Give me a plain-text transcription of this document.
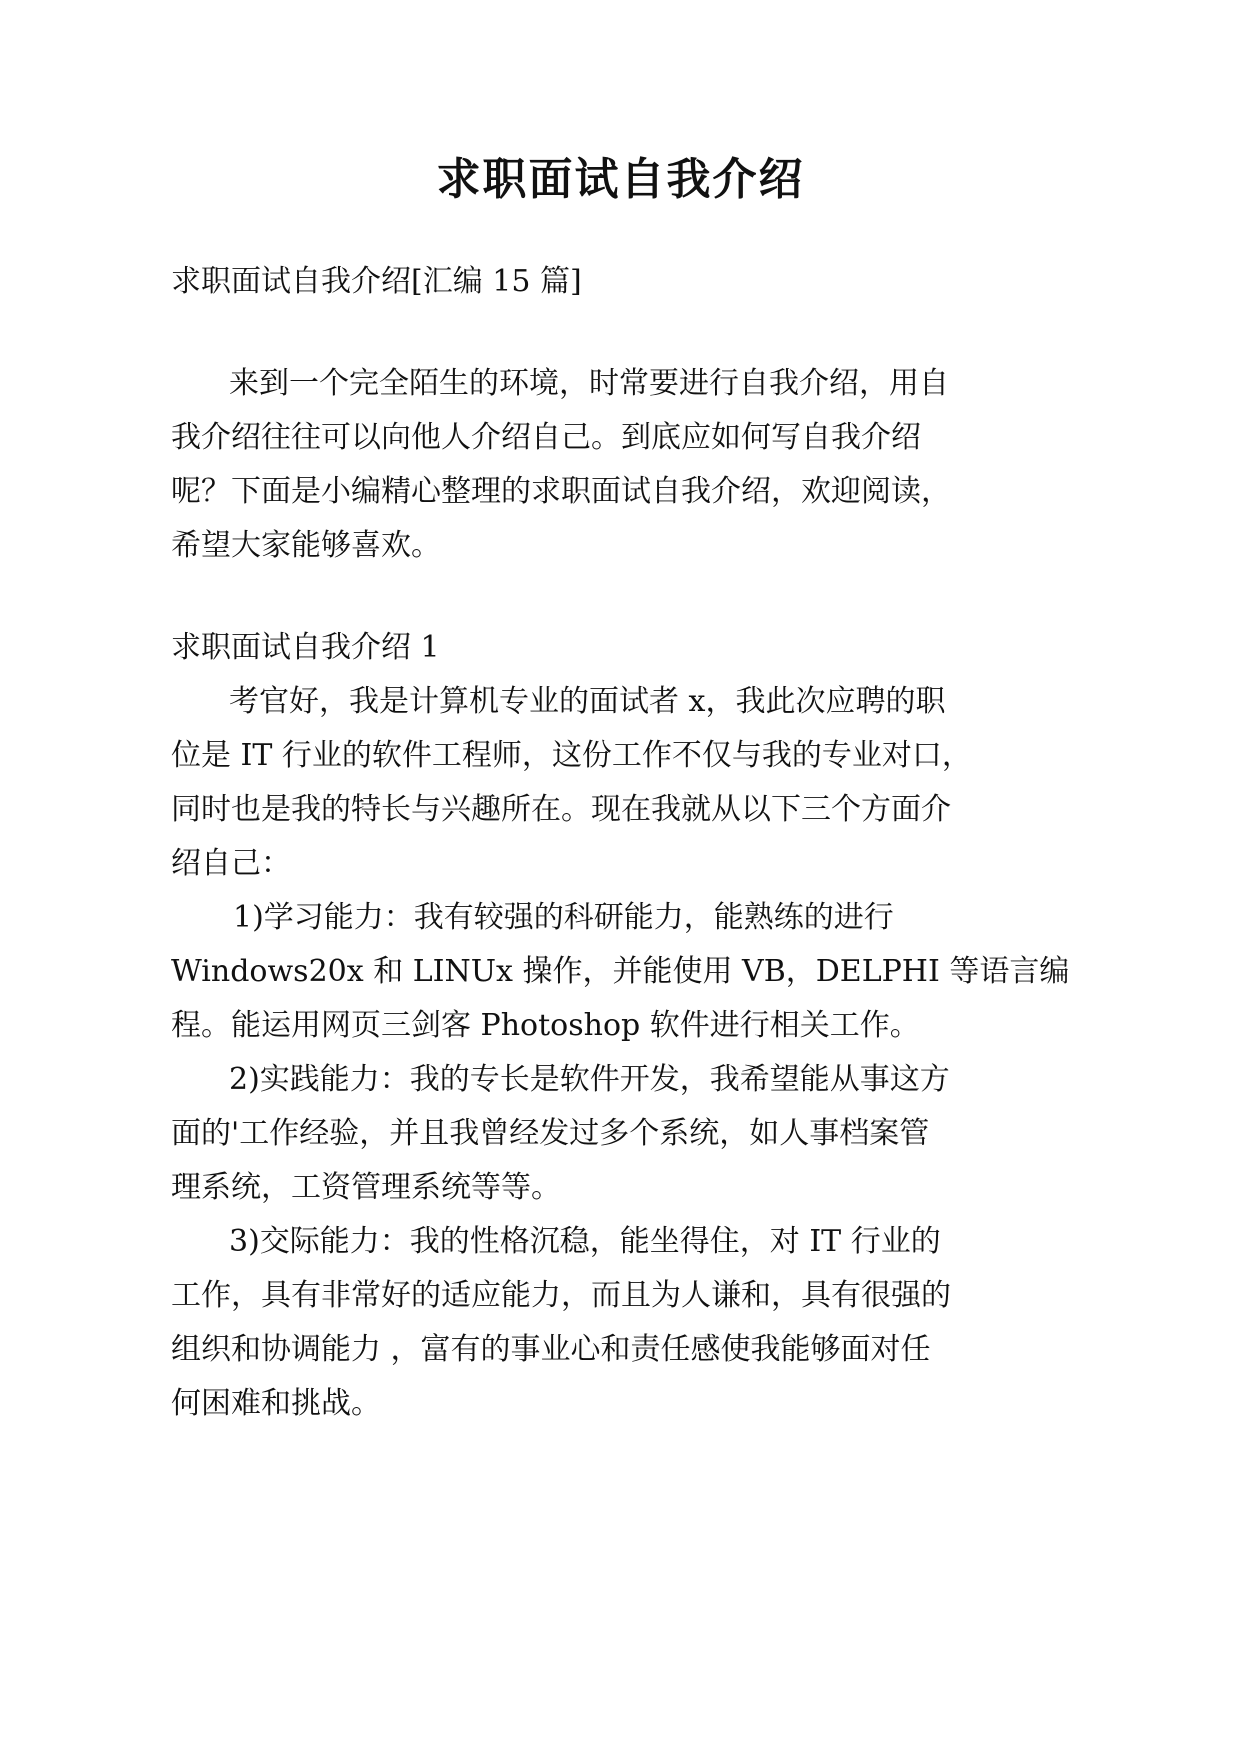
求职面试自我介绍

求职面试自我介绍[汇编 15 篇]

来到一个完全陌生的环境，时常要进行自我介绍，用自

我介绍往往可以向他人介绍自己。到底应如何写自我介绍

呢？下面是小编精心整理的求职面试自我介绍，欢迎阅读，

希望大家能够喜欢。

求职面试自我介绍 1

考官好，我是计算机专业的面试者 x，我此次应聘的职

位是 IT 行业的软件工程师，这份工作不仅与我的专业对口，

同时也是我的特长与兴趣所在。现在我就从以下三个方面介

绍自己：

1)学习能力：我有较强的科研能力，能熟练的进行

Windows20x 和 LINUx 操作，并能使用 VB，DELPHI 等语言编

程。能运用网页三剑客 Photoshop 软件进行相关工作。

2)实践能力：我的专长是软件开发，我希望能从事这方

面的'工作经验，并且我曾经发过多个系统，如人事档案管

理系统，工资管理系统等等。

3)交际能力：我的性格沉稳，能坐得住，对 IT 行业的

工作，具有非常好的适应能力，而且为人谦和，具有很强的

组织和协调能力 ，富有的事业心和责任感使我能够面对任

何困难和挑战。
